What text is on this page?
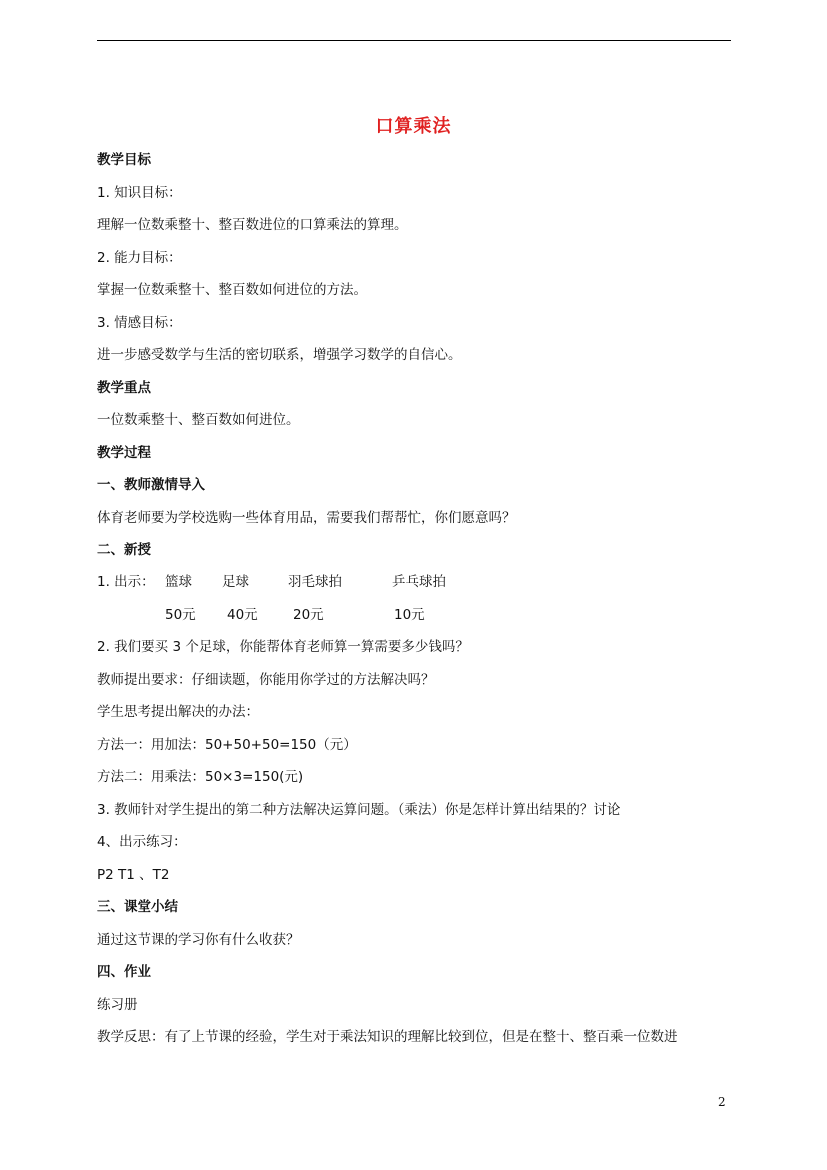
口算乘法
教学目标
1. 知识目标：
理解一位数乘整十、整百数进位的口算乘法的算理。
2. 能力目标：
掌握一位数乘整十、整百数如何进位的方法。
3. 情感目标：
进一步感受数学与生活的密切联系，增强学习数学的自信心。
教学重点
一位数乘整十、整百数如何进位。
教学过程
一、教师激情导入
体育老师要为学校选购一些体育用品，需要我们帮帮忙，你们愿意吗？
二、新授
1. 出示： 篮球 足球	羽毛球拍	乒乓球拍
50元 40元	20元	10元
2. 我们要买 3 个足球，你能帮体育老师算一算需要多少钱吗？
教师提出要求：仔细读题，你能用你学过的方法解决吗？
学生思考提出解决的办法：
方法一：用加法：50+50+50=150（元）
方法二：用乘法：50×3=150(元)
3. 教师针对学生提出的第二种方法解决运算问题。（乘法）你是怎样计算出结果的？讨论
4、出示练习：
P2 T1 、T2
三、课堂小结
通过这节课的学习你有什么收获？
四、作业
练习册
教学反思：有了上节课的经验，学生对于乘法知识的理解比较到位，但是在整十、整百乘一位数进
2
